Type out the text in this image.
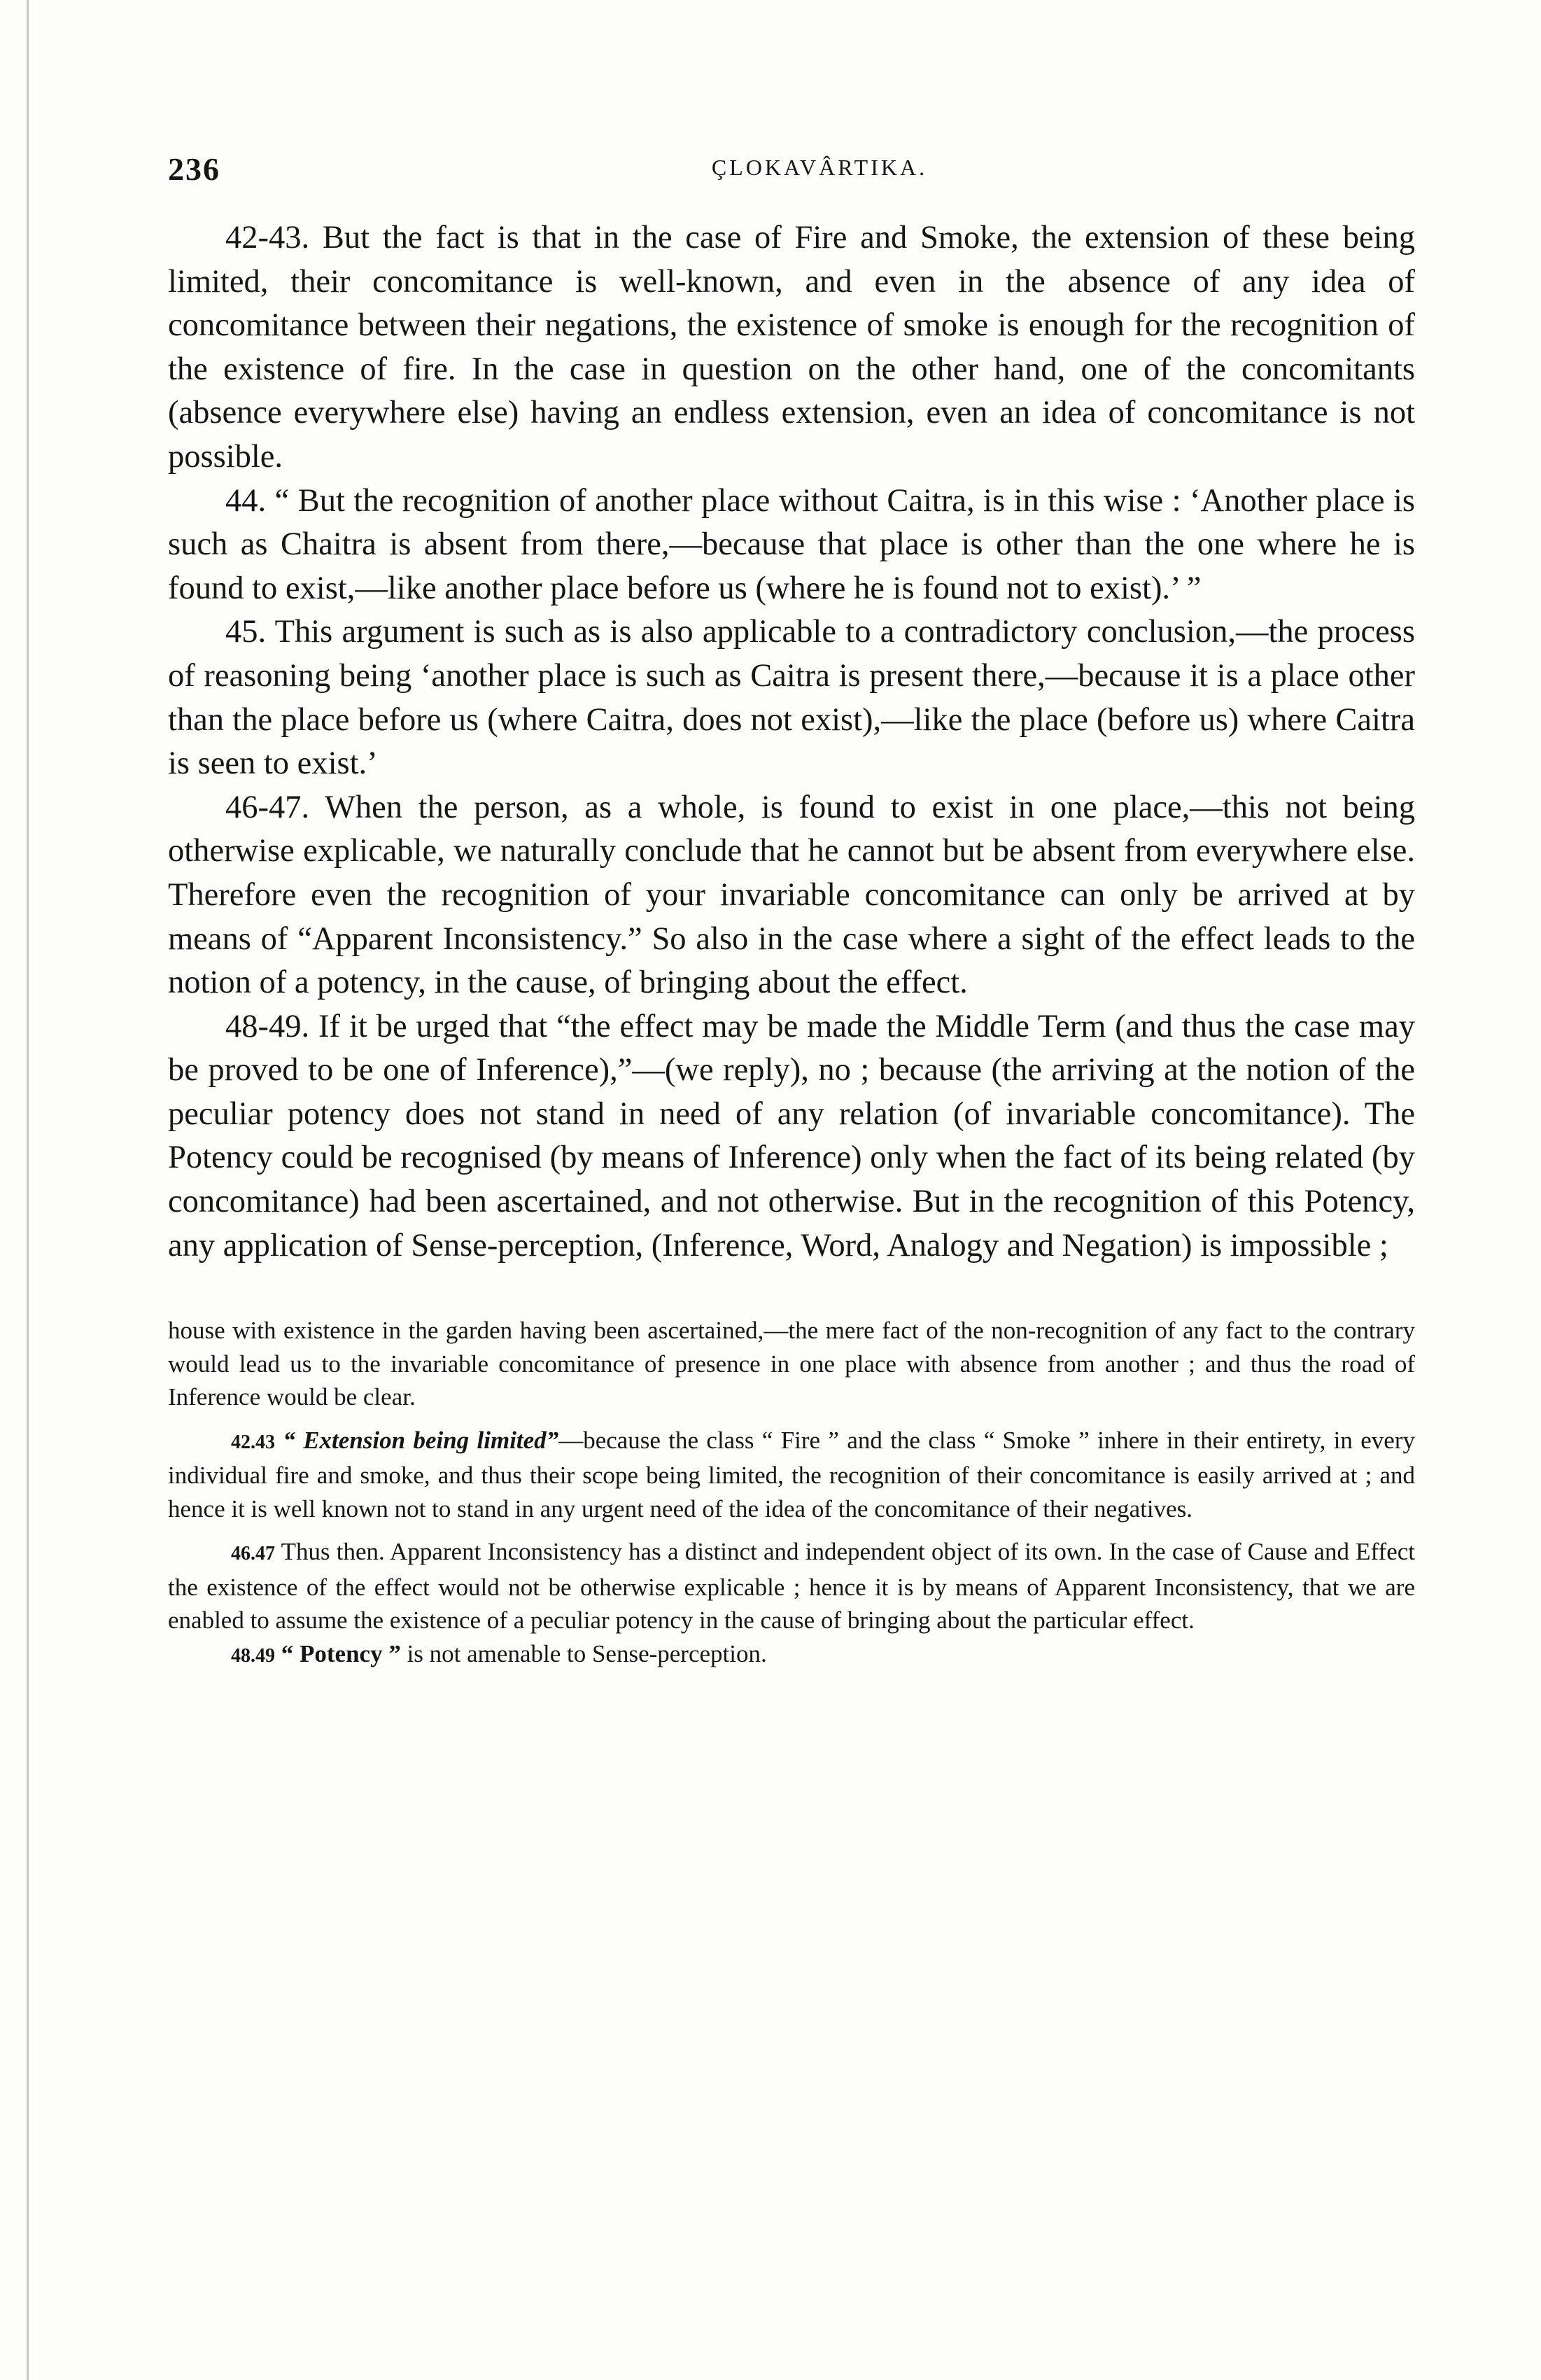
236	ÇLOKAVÂRTIKA.

42-43. But the fact is that in the case of Fire and Smoke, the extension of these being limited, their concomitance is well-known, and even in the absence of any idea of concomitance between their negations, the existence of smoke is enough for the recognition of the existence of fire. In the case in question on the other hand, one of the concomitants (absence everywhere else) having an endless extension, even an idea of concomitance is not possible.

44. “ But the recognition of another place without Caitra, is in this wise : ‘Another place is such as Chaitra is absent from there,—because that place is other than the one where he is found to exist,—like another place before us (where he is found not to exist).’ ”

45. This argument is such as is also applicable to a contradictory conclusion,—the process of reasoning being ‘another place is such as Caitra is present there,—because it is a place other than the place before us (where Caitra, does not exist),—like the place (before us) where Caitra is seen to exist.’

46-47. When the person, as a whole, is found to exist in one place,—this not being otherwise explicable, we naturally conclude that he cannot but be absent from everywhere else. Therefore even the recognition of your invariable concomitance can only be arrived at by means of “Apparent Inconsistency.” So also in the case where a sight of the effect leads to the notion of a potency, in the cause, of bringing about the effect.

48-49. If it be urged that “the effect may be made the Middle Term (and thus the case may be proved to be one of Inference),”—(we reply), no ; because (the arriving at the notion of the peculiar potency does not stand in need of any relation (of invariable concomitance). The Potency could be recognised (by means of Inference) only when the fact of its being related (by concomitance) had been ascertained, and not otherwise. But in the recognition of this Potency, any application of Sense-perception, (Inference, Word, Analogy and Negation) is impossible ;

house with existence in the garden having been ascertained,—the mere fact of the non-recognition of any fact to the contrary would lead us to the invariable concomitance of presence in one place with absence from another ; and thus the road of Inference would be clear.

42.43 “ Extension being limited”—because the class “ Fire ” and the class “ Smoke ” inhere in their entirety, in every individual fire and smoke, and thus their scope being limited, the recognition of their concomitance is easily arrived at ; and hence it is well known not to stand in any urgent need of the idea of the concomitance of their negatives.

46.47 Thus then. Apparent Inconsistency has a distinct and independent object of its own. In the case of Cause and Effect the existence of the effect would not be otherwise explicable ; hence it is by means of Apparent Inconsistency, that we are enabled to assume the existence of a peculiar potency in the cause of bringing about the particular effect.

48.49 “ Potency ” is not amenable to Sense-perception.
